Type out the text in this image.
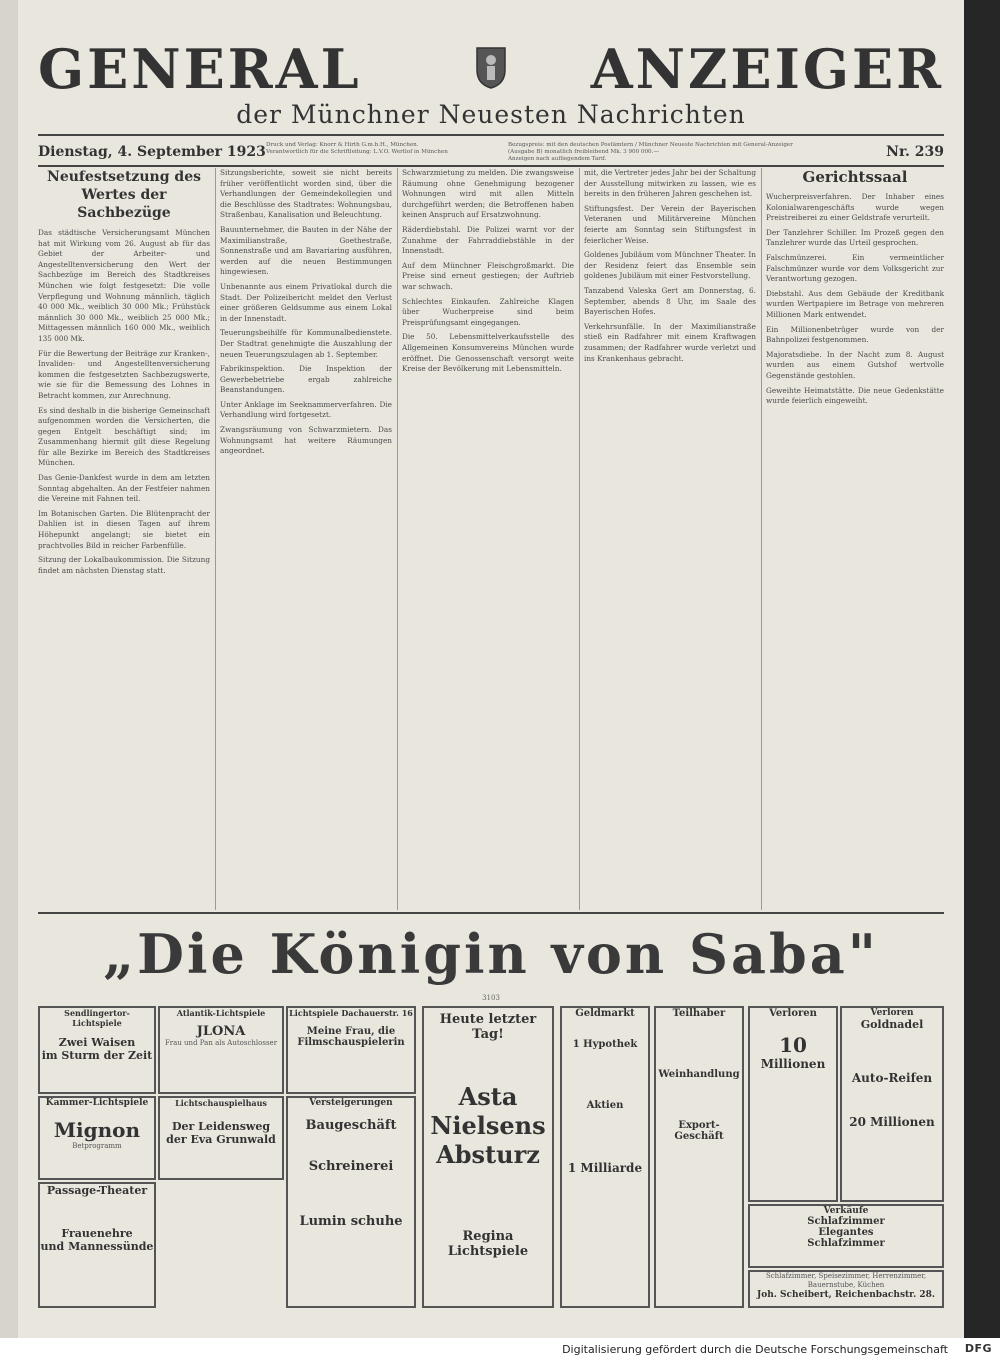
GENERAL	ANZEIGER
der Münchner Neuesten Nachrichten
Dienstag, 4. September 1923 Druck und Verlag: Knorr & Hirth G.m.b.H., München.
Verantwortlich für die Schriftleitung: L.V.O. Wertlof in München
Bezugspreis: mit den deutschen Postämtern / Münchner Neueste Nachrichten mit General-Anzeiger
(Ausgabe B) monatlich freibleibend Mk. 3 900 000.—
Anzeigen nach aufliegendem Tarif.	Nr. 239
Neufestsetzung des Wertes der Sachbezüge

Das städtische Versicherungsamt München hat mit Wirkung vom 26. August ab für das Gebiet der Arbeiter- und Angestelltenversicherung den Wert der Sachbezüge im Bereich des Stadtkreises München wie folgt festgesetzt: Die volle Verpflegung und Wohnung männlich, täglich 40 000 Mk., weiblich 30 000 Mk.; Frühstück männlich 30 000 Mk., weiblich 25 000 Mk.; Mittagessen männlich 160 000 Mk., weiblich 135 000 Mk.

Für die Bewertung der Beiträge zur Kranken-, Invaliden- und Angestelltenversicherung kommen die festgesetzten Sachbezugswerte, wie sie für die Bemessung des Lohnes in Betracht kommen, zur Anrechnung.

Es sind deshalb in die bisherige Gemeinschaft aufgenommen worden die Versicherten, die gegen Entgelt beschäftigt sind; im Zusammenhang hiermit gilt diese Regelung für alle Bezirke im Bereich des Stadtkreises München.

Das Genie-Dankfest wurde in dem am letzten Sonntag abgehalten. An der Festfeier nahmen die Vereine mit Fahnen teil.

Im Botanischen Garten. Die Blütenpracht der Dahlien ist in diesen Tagen auf ihrem Höhepunkt angelangt; sie bietet ein prachtvolles Bild in reicher Farbenfülle.

Sitzung der Lokalbaukommission. Die Sitzung findet am nächsten Dienstag statt.

Sitzungsberichte, soweit sie nicht bereits früher veröffentlicht worden sind, über die Verhandlungen der Gemeindekollegien und die Beschlüsse des Stadtrates: Wohnungsbau, Straßenbau, Kanalisation und Beleuchtung.

Bauunternehmer, die Bauten in der Nähe der Maximilianstraße, Goethestraße, Sonnenstraße und am Bavariaring ausführen, werden auf die neuen Bestimmungen hingewiesen.

Unbenannte aus einem Privatlokal durch die Stadt. Der Polizeibericht meldet den Verlust einer größeren Geldsumme aus einem Lokal in der Innenstadt.

Teuerungsbeihilfe für Kommunalbedienstete. Der Stadtrat genehmigte die Auszahlung der neuen Teuerungszulagen ab 1. September.

Fabrikinspektion. Die Inspektion der Gewerbebetriebe ergab zahlreiche Beanstandungen.

Unter Anklage im Seeknammerverfahren. Die Verhandlung wird fortgesetzt.

Zwangsräumung von Schwarzmietern. Das Wohnungsamt hat weitere Räumungen angeordnet.

Schwarzmietung zu melden. Die zwangsweise Räumung ohne Genehmigung bezogener Wohnungen wird mit allen Mitteln durchgeführt werden; die Betroffenen haben keinen Anspruch auf Ersatzwohnung.

Räderdiebstahl. Die Polizei warnt vor der Zunahme der Fahrraddiebstähle in der Innenstadt.

Auf dem Münchner Fleischgroßmarkt. Die Preise sind erneut gestiegen; der Auftrieb war schwach.

Schlechtes Einkaufen. Zahlreiche Klagen über Wucherpreise sind beim Preisprüfungsamt eingegangen.

Die 50. Lebensmittelverkaufsstelle des Allgemeinen Konsumvereins München wurde eröffnet. Die Genossenschaft versorgt weite Kreise der Bevölkerung mit Lebensmitteln.

mit, die Vertreter jedes Jahr bei der Schaltung der Ausstellung mitwirken zu lassen, wie es bereits in den früheren Jahren geschehen ist.

Stiftungsfest. Der Verein der Bayerischen Veteranen und Militärvereine München feierte am Sonntag sein Stiftungsfest in feierlicher Weise.

Goldenes Jubiläum vom Münchner Theater. In der Residenz feiert das Ensemble sein goldenes Jubiläum mit einer Festvorstellung.

Tanzabend Valeska Gert am Donnerstag, 6. September, abends 8 Uhr, im Saale des Bayerischen Hofes.

Verkehrsunfälle. In der Maximilianstraße stieß ein Radfahrer mit einem Kraftwagen zusammen; der Radfahrer wurde verletzt und ins Krankenhaus gebracht.

Gerichtssaal

Wucherpreisverfahren. Der Inhaber eines Kolonialwarengeschäfts wurde wegen Preistreiberei zu einer Geldstrafe verurteilt.

Der Tanzlehrer Schiller. Im Prozeß gegen den Tanzlehrer wurde das Urteil gesprochen.

Falschmünzerei. Ein vermeintlicher Falschmünzer wurde vor dem Volksgericht zur Verantwortung gezogen.

Diebstahl. Aus dem Gebäude der Kreditbank wurden Wertpapiere im Betrage von mehreren Millionen Mark entwendet.

Ein Millionenbetrüger wurde von der Bahnpolizei festgenommen.

Majoratsdiebe. In der Nacht zum 8. August wurden aus einem Gutshof wertvolle Gegenstände gestohlen.

Geweihte Heimatstätte. Die neue Gedenkstätte wurde feierlich eingeweiht.

„Die Königin von Saba"
3103
Sendlingertor-Lichtspiele
Zwei Waisen
im Sturm der Zeit
Atlantik-Lichtspiele
JLONA
Frau und Pan als Autoschlosser
Lichtspiele Dachauerstr. 16
Meine Frau, die
Filmschauspielerin
Kammer-Lichtspiele
Mignon
Betprogramm
Lichtschauspielhaus
Der Leidensweg
der Eva Grunwald
Versteigerungen
Baugeschäft
Schreinerei
Lumin schuhe
Passage-Theater
Frauenehre
und Mannessünde
Heute letzter Tag!
Asta
Nielsens
Absturz
Regina Lichtspiele
Geldmarkt
1 Hypothek
Aktien
1 Milliarde
Teilhaber
Weinhandlung
Export-Geschäft
Verloren
10
Millionen
Verloren
Goldnadel
Auto-Reifen
20 Millionen
Verkäufe
Schlafzimmer
Elegantes
Schlafzimmer
Schlafzimmer, Speisezimmer, Herrenzimmer, Bauernstube, Küchen
Joh. Scheibert, Reichenbachstr. 28.
Digitalisierung gefördert durch die Deutsche Forschungsgemeinschaft DFG
